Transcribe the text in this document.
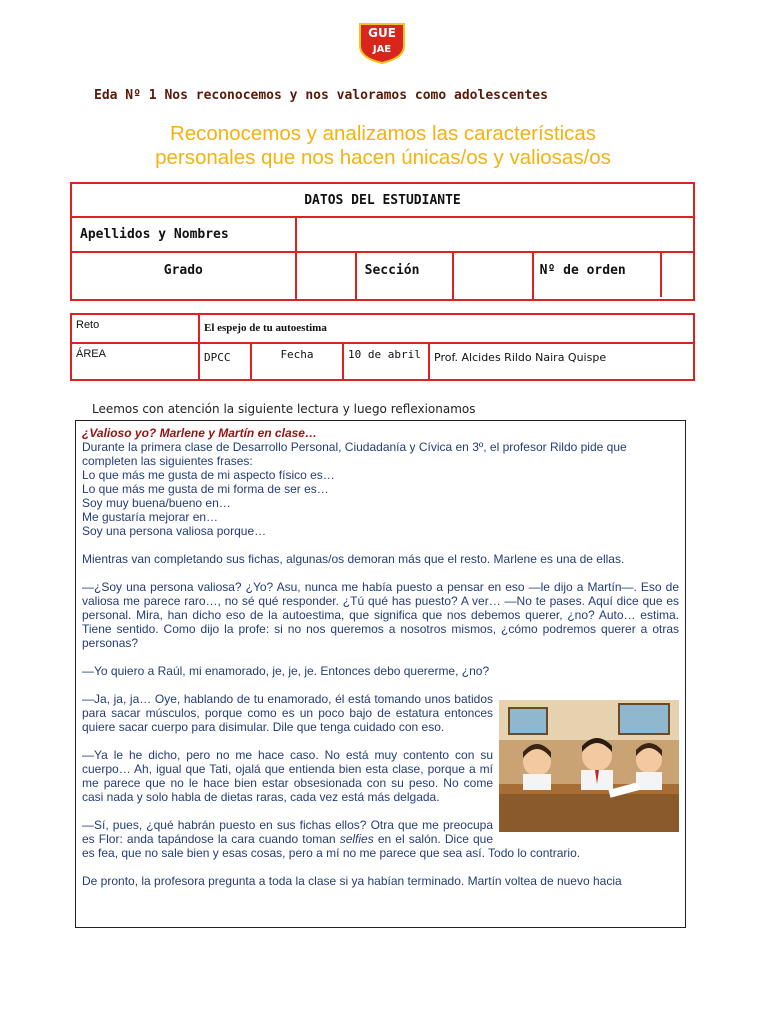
GUE
JAE
Eda Nº 1 Nos reconocemos y nos valoramos como adolescentes
Reconocemos y analizamos las características
personales que nos hacen únicas/os y valiosas/os
DATOS DEL ESTUDIANTE				
Apellidos y Nombres				
Grado		Sección		Nº de orden
Reto	El espejo de tu autoestima			
ÁREA	DPCC	Fecha	10 de abril	Prof. Alcides Rildo Naira Quispe
Leemos con atención la siguiente lectura y luego reflexionamos

¿Valioso yo? Marlene y Martín en clase…

Durante la primera clase de Desarrollo Personal, Ciudadanía y Cívica en 3º, el profesor Rildo pide que completen las siguientes frases:

Lo que más me gusta de mi aspecto físico es…

Lo que más me gusta de mi forma de ser es…

Soy muy buena/bueno en…

Me gustaría mejorar en…

Soy una persona valiosa porque…

Mientras van completando sus fichas, algunas/os demoran más que el resto. Marlene es una de ellas.

—¿Soy una persona valiosa? ¿Yo? Asu, nunca me había puesto a pensar en eso —le dijo a Martín—. Eso de valiosa me parece raro…, no sé qué responder. ¿Tú qué has puesto? A ver… —No te pases. Aquí dice que es personal. Mira, han dicho eso de la autoestima, que significa que nos debemos querer, ¿no? Auto… estima. Tiene sentido. Como dijo la profe: si no nos queremos a nosotros mismos, ¿cómo podremos querer a otras personas?

—Yo quiero a Raúl, mi enamorado, je, je, je. Entonces debo quererme, ¿no?

—Ja, ja, ja… Oye, hablando de tu enamorado, él está tomando unos batidos para sacar músculos, porque como es un poco bajo de estatura entonces quiere sacar cuerpo para disimular. Dile que tenga cuidado con eso.

—Ya le he dicho, pero no me hace caso. No está muy contento con su cuerpo… Ah, igual que Tati, ojalá que entienda bien esta clase, porque a mí me parece que no le hace bien estar obsesionada con su peso. No come casi nada y solo habla de dietas raras, cada vez está más delgada.

—Sí, pues, ¿qué habrán puesto en sus fichas ellos? Otra que me preocupa es Flor: anda tapándose la cara cuando toman selfies en el salón. Dice que es fea, que no sale bien y esas cosas, pero a mí no me parece que sea así. Todo lo contrario.

De pronto, la profesora pregunta a toda la clase si ya habían terminado. Martín voltea de nuevo hacia
